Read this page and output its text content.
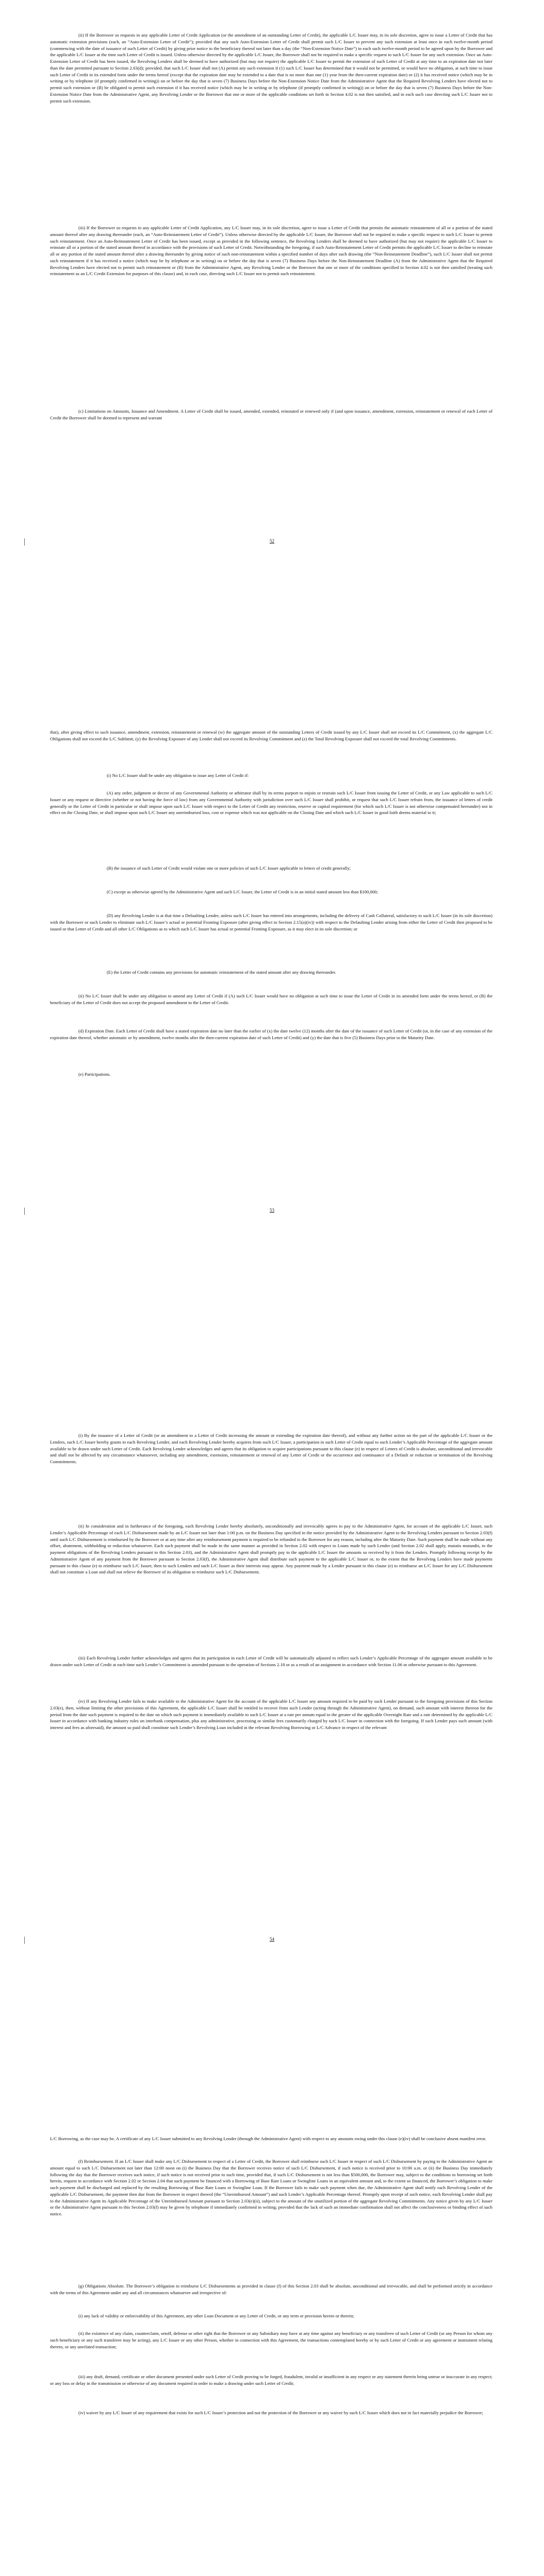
(ii) If the Borrower so requests in any applicable Letter of Credit Application (or the amendment of an outstanding Letter of Credit), the applicable L/C Issuer may, in its sole discretion, agree to issue a Letter of Credit that has automatic extension provisions (each, an “Auto-Extension Letter of Credit”); provided that any such Auto-Extension Letter of Credit shall permit such L/C Issuer to prevent any such extension at least once in each twelve-month period (commencing with the date of issuance of such Letter of Credit) by giving prior notice to the beneficiary thereof not later than a day (the “Non-Extension Notice Date”) in each such twelve-month period to be agreed upon by the Borrower and the applicable L/C Issuer at the time such Letter of Credit is issued. Unless otherwise directed by the applicable L/C Issuer, the Borrower shall not be required to make a specific request to such L/C Issuer for any such extension. Once an Auto-Extension Letter of Credit has been issued, the Revolving Lenders shall be deemed to have authorized (but may not require) the applicable L/C Issuer to permit the extension of such Letter of Credit at any time to an expiration date not later than the date permitted pursuant to Section 2.03(d); provided, that such L/C Issuer shall not (A) permit any such extension if (1) such L/C Issuer has determined that it would not be permitted, or would have no obligation, at such time to issue such Letter of Credit in its extended form under the terms hereof (except that the expiration date may be extended to a date that is no more than one (1) year from the then-current expiration date) or (2) it has received notice (which may be in writing or by telephone (if promptly confirmed in writing)) on or before the day that is seven (7) Business Days before the Non-Extension Notice Date from the Administrative Agent that the Required Revolving Lenders have elected not to permit such extension or (B) be obligated to permit such extension if it has received notice (which may be in writing or by telephone (if promptly confirmed in writing)) on or before the day that is seven (7) Business Days before the Non-Extension Notice Date from the Administrative Agent, any Revolving Lender or the Borrower that one or more of the applicable conditions set forth in Section 4.02 is not then satisfied, and in each such case directing such L/C Issuer not to permit such extension.

(iii) If the Borrower so requests in any applicable Letter of Credit Application, any L/C Issuer may, in its sole discretion, agree to issue a Letter of Credit that permits the automatic reinstatement of all or a portion of the stated amount thereof after any drawing thereunder (each, an “Auto-Reinstatement Letter of Credit”). Unless otherwise directed by the applicable L/C Issuer, the Borrower shall not be required to make a specific request to such L/C Issuer to permit such reinstatement. Once an Auto-Reinstatement Letter of Credit has been issued, except as provided in the following sentence, the Revolving Lenders shall be deemed to have authorized (but may not require) the applicable L/C Issuer to reinstate all or a portion of the stated amount thereof in accordance with the provisions of such Letter of Credit. Notwithstanding the foregoing, if such Auto-Reinstatement Letter of Credit permits the applicable L/C Issuer to decline to reinstate all or any portion of the stated amount thereof after a drawing thereunder by giving notice of such non-reinstatement within a specified number of days after such drawing (the “Non-Reinstatement Deadline”), such L/C Issuer shall not permit such reinstatement if it has received a notice (which may be by telephone or in writing) on or before the day that is seven (7) Business Days before the Non-Reinstatement Deadline (A) from the Administrative Agent that the Required Revolving Lenders have elected not to permit such reinstatement or (B) from the Administrative Agent, any Revolving Lender or the Borrower that one or more of the conditions specified in Section 4.02 is not then satisfied (treating such reinstatement as an L/C Credit Extension for purposes of this clause) and, in each case, directing such L/C Issuer not to permit such reinstatement.

(c) Limitations on Amounts, Issuance and Amendment. A Letter of Credit shall be issued, amended, extended, reinstated or renewed only if (and upon issuance, amendment, extension, reinstatement or renewal of each Letter of Credit the Borrower shall be deemed to represent and warrant

52

that), after giving effect to such issuance, amendment, extension, reinstatement or renewal (w) the aggregate amount of the outstanding Letters of Credit issued by any L/C Issuer shall not exceed its L/C Commitment, (x) the aggregate L/C Obligations shall not exceed the L/C Sublimit, (y) the Revolving Exposure of any Lender shall not exceed its Revolving Commitment and (z) the Total Revolving Exposure shall not exceed the total Revolving Commitments.

(i) No L/C Issuer shall be under any obligation to issue any Letter of Credit if:

(A) any order, judgment or decree of any Governmental Authority or arbitrator shall by its terms purport to enjoin or restrain such L/C Issuer from issuing the Letter of Credit, or any Law applicable to such L/C Issuer or any request or directive (whether or not having the force of law) from any Governmental Authority with jurisdiction over such L/C Issuer shall prohibit, or request that such L/C Issuer refrain from, the issuance of letters of credit generally or the Letter of Credit in particular or shall impose upon such L/C Issuer with respect to the Letter of Credit any restriction, reserve or capital requirement (for which such L/C Issuer is not otherwise compensated hereunder) not in effect on the Closing Date, or shall impose upon such L/C Issuer any unreimbursed loss, cost or expense which was not applicable on the Closing Date and which such L/C Issuer in good faith deems material to it;

(B) the issuance of such Letter of Credit would violate one or more policies of such L/C Issuer applicable to letters of credit generally;

(C) except as otherwise agreed by the Administrative Agent and such L/C Issuer, the Letter of Credit is in an initial stated amount less than $100,000;

(D) any Revolving Lender is at that time a Defaulting Lender, unless such L/C Issuer has entered into arrangements, including the delivery of Cash Collateral, satisfactory to such L/C Issuer (in its sole discretion) with the Borrower or such Lender to eliminate such L/C Issuer’s actual or potential Fronting Exposure (after giving effect to Section 2.15(a)(iv)) with respect to the Defaulting Lender arising from either the Letter of Credit then proposed to be issued or that Letter of Credit and all other L/C Obligations as to which such L/C Issuer has actual or potential Fronting Exposure, as it may elect in its sole discretion; or

(E) the Letter of Credit contains any provisions for automatic reinstatement of the stated amount after any drawing thereunder.

(ii) No L/C Issuer shall be under any obligation to amend any Letter of Credit if (A) such L/C Issuer would have no obligation at such time to issue the Letter of Credit in its amended form under the terms hereof, or (B) the beneficiary of the Letter of Credit does not accept the proposed amendment to the Letter of Credit.

(d) Expiration Date. Each Letter of Credit shall have a stated expiration date no later than the earlier of (x) the date twelve (12) months after the date of the issuance of such Letter of Credit (or, in the case of any extension of the expiration date thereof, whether automatic or by amendment, twelve months after the then-current expiration date of such Letter of Credit) and (y) the date that is five (5) Business Days prior to the Maturity Date.

(e) Participations.

53

(i) By the issuance of a Letter of Credit (or an amendment to a Letter of Credit increasing the amount or extending the expiration date thereof), and without any further action on the part of the applicable L/C Issuer or the Lenders, such L/C Issuer hereby grants to each Revolving Lender, and each Revolving Lender hereby acquires from such L/C Issuer, a participation in such Letter of Credit equal to such Lender’s Applicable Percentage of the aggregate amount available to be drawn under such Letter of Credit. Each Revolving Lender acknowledges and agrees that its obligation to acquire participations pursuant to this clause (e) in respect of Letters of Credit is absolute, unconditional and irrevocable and shall not be affected by any circumstance whatsoever, including any amendment, extension, reinstatement or renewal of any Letter of Credit or the occurrence and continuance of a Default or reduction or termination of the Revolving Commitments.

(ii) In consideration and in furtherance of the foregoing, each Revolving Lender hereby absolutely, unconditionally and irrevocably agrees to pay to the Administrative Agent, for account of the applicable L/C Issuer, such Lender’s Applicable Percentage of each L/C Disbursement made by an L/C Issuer not later than 1:00 p.m. on the Business Day specified in the notice provided by the Administrative Agent to the Revolving Lenders pursuant to Section 2.03(f) until such L/C Disbursement is reimbursed by the Borrower or at any time after any reimbursement payment is required to be refunded to the Borrower for any reason, including after the Maturity Date. Such payment shall be made without any offset, abatement, withholding or reduction whatsoever. Each such payment shall be made in the same manner as provided in Section 2.02 with respect to Loans made by such Lender (and Section 2.02 shall apply, mutatis mutandis, to the payment obligations of the Revolving Lenders pursuant to this Section 2.03), and the Administrative Agent shall promptly pay to the applicable L/C Issuer the amounts so received by it from the Lenders. Promptly following receipt by the Administrative Agent of any payment from the Borrower pursuant to Section 2.03(f), the Administrative Agent shall distribute such payment to the applicable L/C Issuer or, to the extent that the Revolving Lenders have made payments pursuant to this clause (e) to reimburse such L/C Issuer, then to such Lenders and such L/C Issuer as their interests may appear. Any payment made by a Lender pursuant to this clause (e) to reimburse an L/C Issuer for any L/C Disbursement shall not constitute a Loan and shall not relieve the Borrower of its obligation to reimburse such L/C Disbursement.

(iii) Each Revolving Lender further acknowledges and agrees that its participation in each Letter of Credit will be automatically adjusted to reflect such Lender’s Applicable Percentage of the aggregate amount available to be drawn under such Letter of Credit at each time such Lender’s Commitment is amended pursuant to the operation of Sections 2.18 or as a result of an assignment in accordance with Section 11.06 or otherwise pursuant to this Agreement.

(iv) If any Revolving Lender fails to make available to the Administrative Agent for the account of the applicable L/C Issuer any amount required to be paid by such Lender pursuant to the foregoing provisions of this Section 2.03(e), then, without limiting the other provisions of this Agreement, the applicable L/C Issuer shall be entitled to recover from such Lender (acting through the Administrative Agent), on demand, such amount with interest thereon for the period from the date such payment is required to the date on which such payment is immediately available to such L/C Issuer at a rate per annum equal to the greater of the applicable Overnight Rate and a rate determined by the applicable L/C Issuer in accordance with banking industry rules on interbank compensation, plus any administrative, processing or similar fees customarily charged by such L/C Issuer in connection with the foregoing. If such Lender pays such amount (with interest and fees as aforesaid), the amount so paid shall constitute such Lender’s Revolving Loan included in the relevant Revolving Borrowing or L/C Advance in respect of the relevant

54

L/C Borrowing, as the case may be. A certificate of any L/C Issuer submitted to any Revolving Lender (through the Administrative Agent) with respect to any amounts owing under this clause (e)(iv) shall be conclusive absent manifest error.

(f) Reimbursement. If an L/C Issuer shall make any L/C Disbursement in respect of a Letter of Credit, the Borrower shall reimburse such L/C Issuer in respect of such L/C Disbursement by paying to the Administrative Agent an amount equal to such L/C Disbursement not later than 12:00 noon on (i) the Business Day that the Borrower receives notice of such L/C Disbursement, if such notice is received prior to 10:00 a.m. or (ii) the Business Day immediately following the day that the Borrower receives such notice, if such notice is not received prior to such time, provided that, if such L/C Disbursement is not less than $500,000, the Borrower may, subject to the conditions to borrowing set forth herein, request in accordance with Section 2.02 or Section 2.04 that such payment be financed with a Borrowing of Base Rate Loans or Swingline Loans in an equivalent amount and, to the extent so financed, the Borrower’s obligation to make such payment shall be discharged and replaced by the resulting Borrowing of Base Rate Loans or Swingline Loan. If the Borrower fails to make such payment when due, the Administrative Agent shall notify each Revolving Lender of the applicable L/C Disbursement, the payment then due from the Borrower in respect thereof (the “Unreimbursed Amount”) and such Lender’s Applicable Percentage thereof. Promptly upon receipt of such notice, each Revolving Lender shall pay to the Administrative Agent its Applicable Percentage of the Unreimbursed Amount pursuant to Section 2.03(e)(ii), subject to the amount of the unutilized portion of the aggregate Revolving Commitments. Any notice given by any L/C Issuer or the Administrative Agent pursuant to this Section 2.03(f) may be given by telephone if immediately confirmed in writing; provided that the lack of such an immediate confirmation shall not affect the conclusiveness or binding effect of such notice.

(g) Obligations Absolute. The Borrower’s obligation to reimburse L/C Disbursements as provided in clause (f) of this Section 2.03 shall be absolute, unconditional and irrevocable, and shall be performed strictly in accordance with the terms of this Agreement under any and all circumstances whatsoever and irrespective of:

(i) any lack of validity or enforceability of this Agreement, any other Loan Document or any Letter of Credit, or any term or provision herein or therein;

(ii) the existence of any claim, counterclaim, setoff, defense or other right that the Borrower or any Subsidiary may have at any time against any beneficiary or any transferee of such Letter of Credit (or any Person for whom any such beneficiary or any such transferee may be acting), any L/C Issuer or any other Person, whether in connection with this Agreement, the transactions contemplated hereby or by such Letter of Credit or any agreement or instrument relating thereto, or any unrelated transaction;

(iii) any draft, demand, certificate or other document presented under such Letter of Credit proving to be forged, fraudulent, invalid or insufficient in any respect or any statement therein being untrue or inaccurate in any respect; or any loss or delay in the transmission or otherwise of any document required in order to make a drawing under such Letter of Credit;

(iv) waiver by any L/C Issuer of any requirement that exists for such L/C Issuer’s protection and not the protection of the Borrower or any waiver by such L/C Issuer which does not in fact materially prejudice the Borrower;
